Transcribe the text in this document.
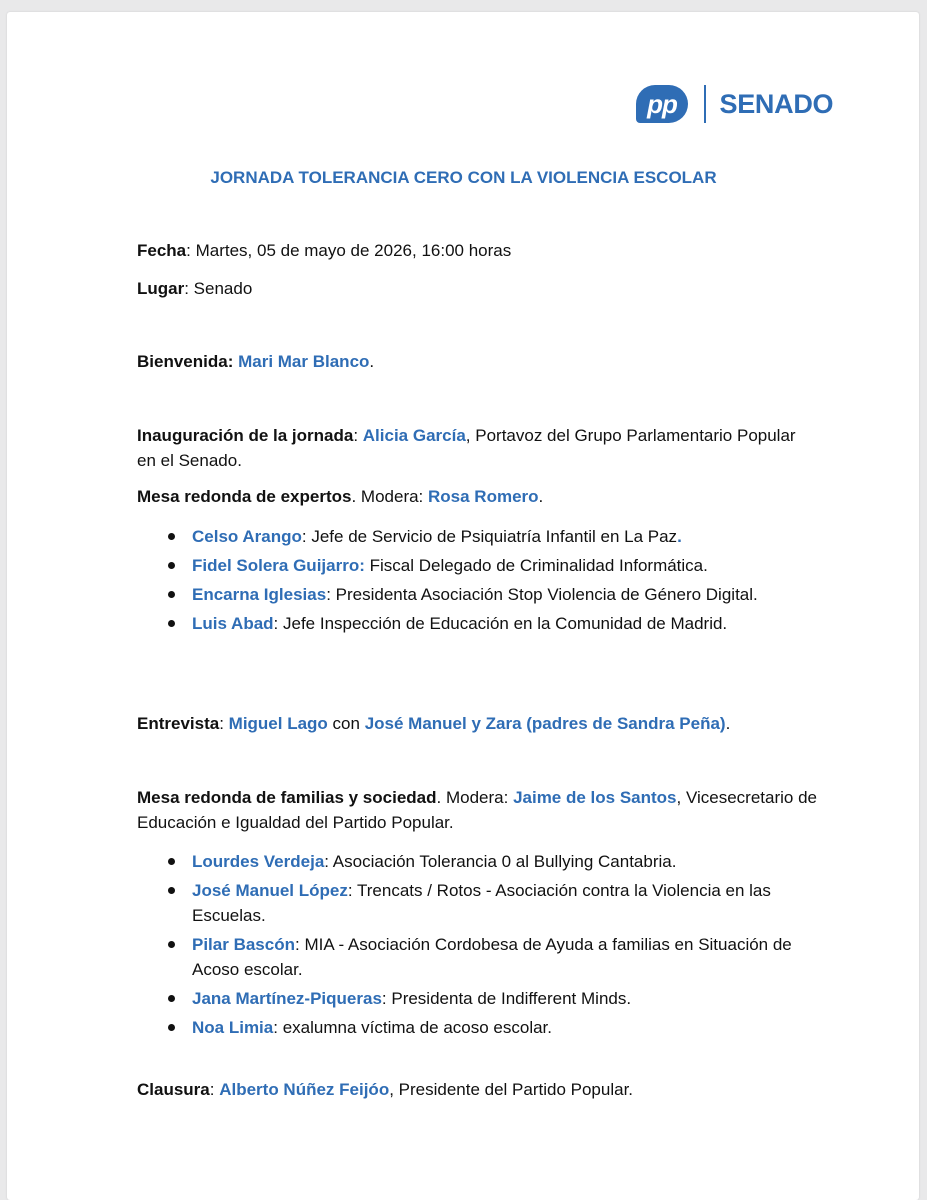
pp	SENADO
JORNADA TOLERANCIA CERO CON LA VIOLENCIA ESCOLAR
Fecha: Martes, 05 de mayo de 2026, 16:00 horas
Lugar: Senado
Bienvenida: Mari Mar Blanco.
Inauguración de la jornada: Alicia García, Portavoz del Grupo Parlamentario Popular en el Senado.
Mesa redonda de expertos. Modera: Rosa Romero.
Celso Arango: Jefe de Servicio de Psiquiatría Infantil en La Paz.
Fidel Solera Guijarro: Fiscal Delegado de Criminalidad Informática.
Encarna Iglesias: Presidenta Asociación Stop Violencia de Género Digital.
Luis Abad: Jefe Inspección de Educación en la Comunidad de Madrid.
Entrevista: Miguel Lago con José Manuel y Zara (padres de Sandra Peña).
Mesa redonda de familias y sociedad. Modera: Jaime de los Santos, Vicesecretario de Educación e Igualdad del Partido Popular.
Lourdes Verdeja: Asociación Tolerancia 0 al Bullying Cantabria.
José Manuel López: Trencats / Rotos - Asociación contra la Violencia en las Escuelas.
Pilar Bascón: MIA - Asociación Cordobesa de Ayuda a familias en Situación de Acoso escolar.
Jana Martínez-Piqueras: Presidenta de Indifferent Minds.
Noa Limia: exalumna víctima de acoso escolar.
Clausura: Alberto Núñez Feijóo, Presidente del Partido Popular.
